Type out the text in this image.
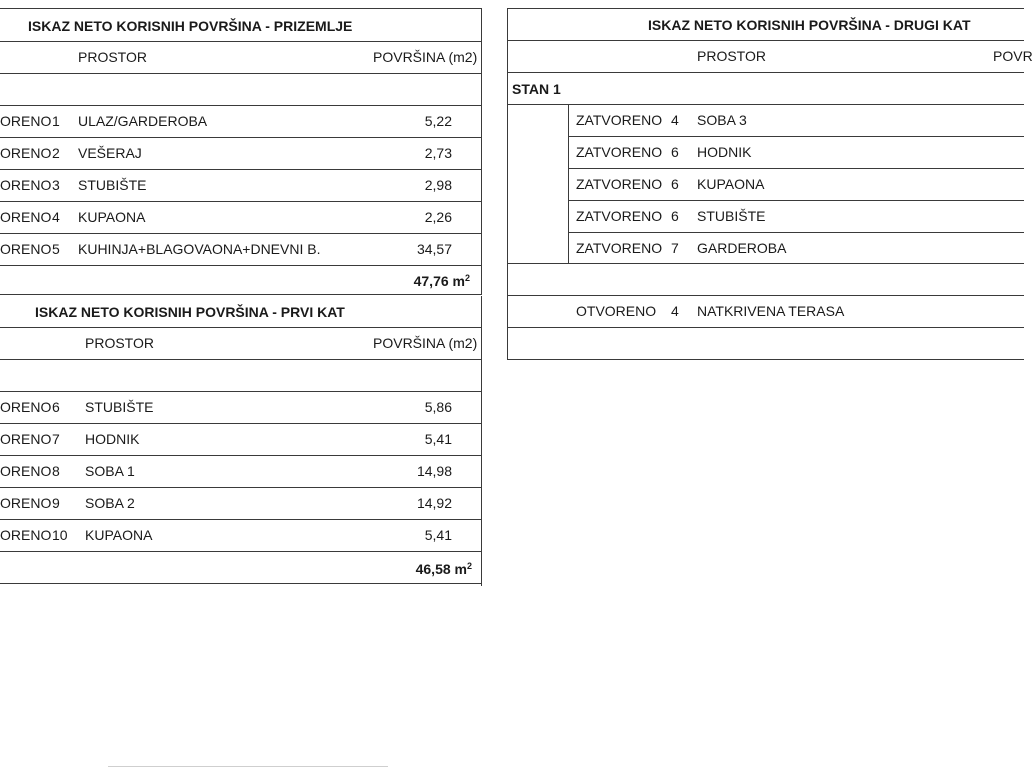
ISKAZ NETO KORISNIH POVRŠINA - PRIZEMLJE
PROSTOR	POVRŠINA (m2)
ORENO 1 ULAZ/GARDEROBA	5,22
ORENO 2 VEŠERAJ	2,73
ORENO 3 STUBIŠTE	2,98
ORENO 4 KUPAONA	2,26
ORENO 5 KUHINJA+BLAGOVAONA+DNEVNI B.	34,57
47,76 $m^2$
ISKAZ NETO KORISNIH POVRŠINA - PRVI KAT
PROSTOR	POVRŠINA (m2)
ORENO 6 STUBIŠTE	5,86
ORENO 7 HODNIK	5,41
ORENO 8 SOBA 1	14,98
ORENO 9 SOBA 2	14,92
ORENO 10 KUPAONA	5,41
46,58 $m^2$
ISKAZ NETO KORISNIH POVRŠINA - DRUGI KAT
PROSTOR	POVR
STAN 1
ZATVORENO 4 SOBA 3
ZATVORENO 6 HODNIK
ZATVORENO 6 KUPAONA
ZATVORENO 6 STUBIŠTE
ZATVORENO 7 GARDEROBA
OTVORENO 4 NATKRIVENA TERASA
